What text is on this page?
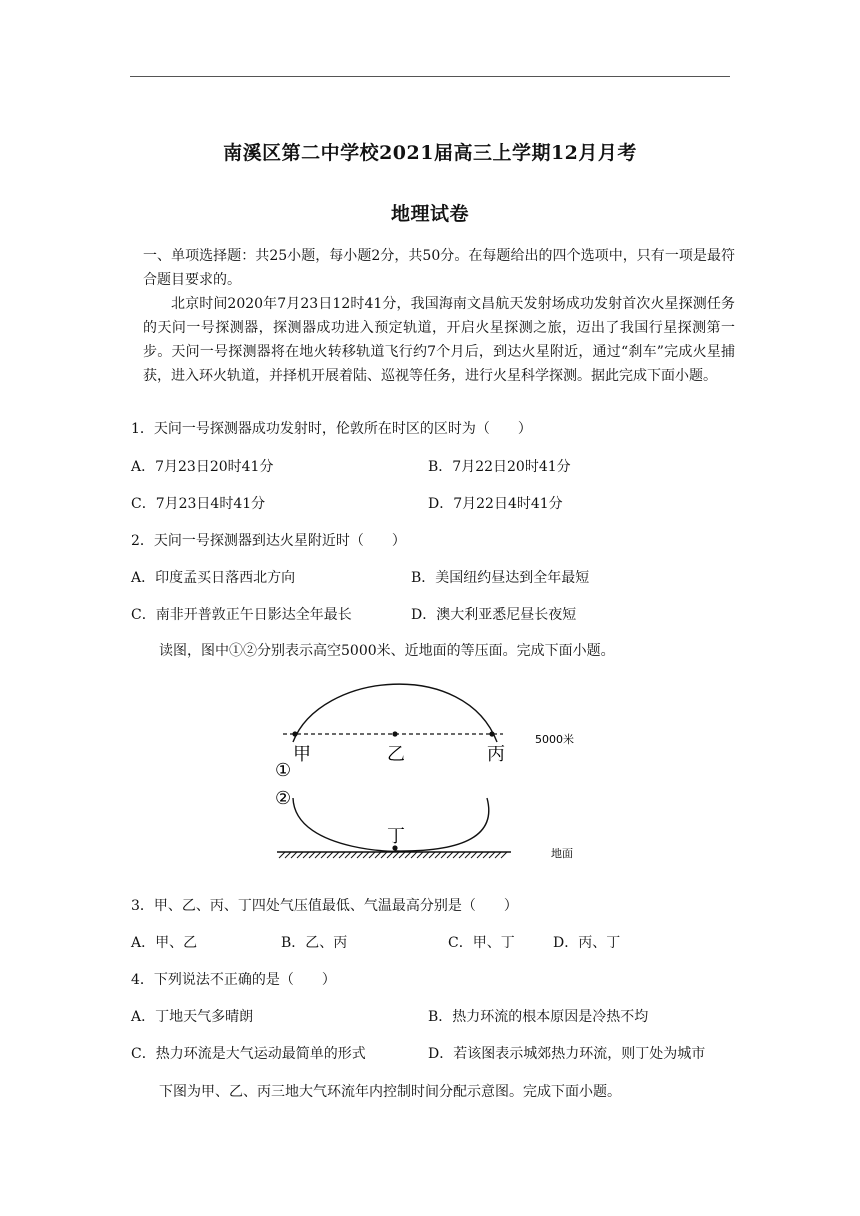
南溪区第二中学校2021届高三上学期12月月考
地理试卷
一、单项选择题：共25小题，每小题2分，共50分。在每题给出的四个选项中，只有一项是最符合题目要求的。
北京时间2020年7月23日12时41分，我国海南文昌航天发射场成功发射首次火星探测任务的天问一号探测器，探测器成功进入预定轨道，开启火星探测之旅，迈出了我国行星探测第一步。天问一号探测器将在地火转移轨道飞行约7个月后，到达火星附近，通过“刹车”完成火星捕获，进入环火轨道，并择机开展着陆、巡视等任务，进行火星科学探测。据此完成下面小题。
1．天问一号探测器成功发射时，伦敦所在时区的区时为（　　）
A．7月23日20时41分	B．7月22日20时41分
C．7月23日4时41分	D．7月22日4时41分
2．天问一号探测器到达火星附近时（　　）
A．印度孟买日落西北方向	B．美国纽约昼达到全年最短
C．南非开普敦正午日影达全年最长	D．澳大利亚悉尼昼长夜短
读图，图中①②分别表示高空5000米、近地面的等压面。完成下面小题。
甲	乙	丙
丁
①
②
5000米
地面
3．甲、乙、丙、丁四处气压值最低、气温最高分别是（　　）
A．甲、乙	B．乙、丙	C．甲、丁	D．丙、丁
4．下列说法不正确的是（　　）
A．丁地天气多晴朗	B．热力环流的根本原因是冷热不均
C．热力环流是大气运动最简单的形式	D．若该图表示城郊热力环流，则丁处为城市
下图为甲、乙、丙三地大气环流年内控制时间分配示意图。完成下面小题。
